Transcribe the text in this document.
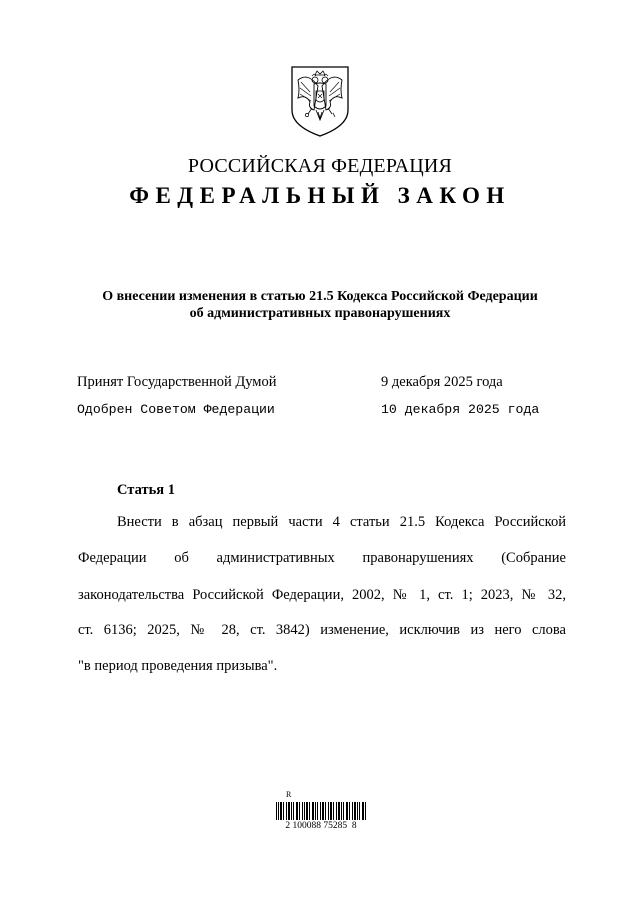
РОССИЙСКАЯ ФЕДЕРАЦИЯ
ФЕДЕРАЛЬНЫЙ ЗАКОН
О внесении изменения в статью 21.5 Кодекса Российской Федерации
об административных правонарушениях
Принят Государственной Думой	9 декабря 2025 года
Одобрен Советом Федерации	10 декабря 2025 года
Статья 1
Внести в абзац первый части 4 статьи 21.5 Кодекса Российской
Федерации об административных правонарушениях (Собрание
законодательства Российской Федерации, 2002, № 1, ст. 1; 2023, № 32,
ст. 6136; 2025, № 28, ст. 3842) изменение, исключив из него слова
"в период проведения призыва".
R
2 100088 75285  8
